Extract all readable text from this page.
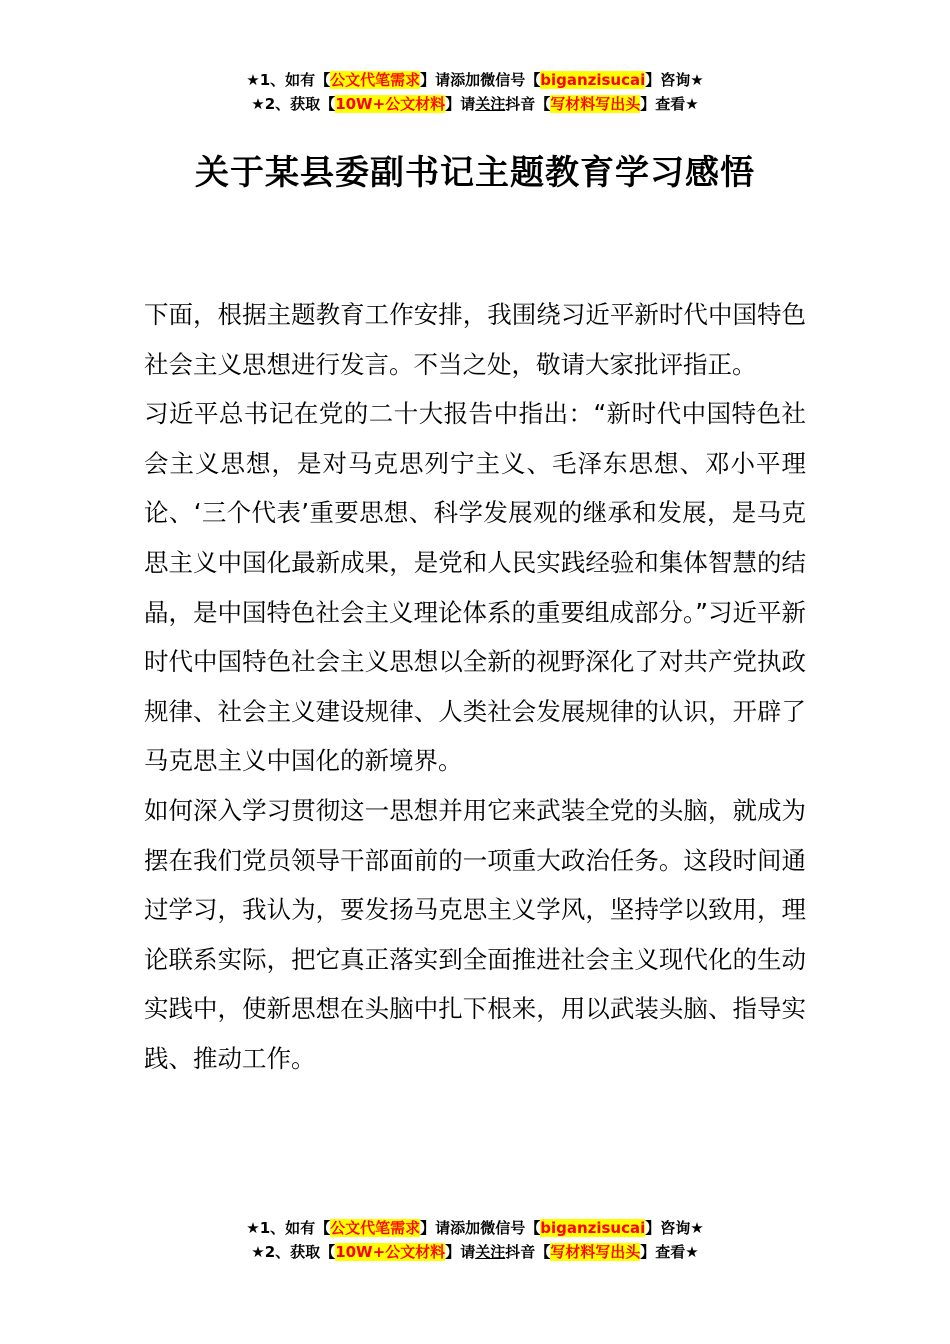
★1、如有【公文代笔需求】请添加微信号【biganzisucai】咨询★
★2、获取【10W+公文材料】请关注抖音【写材料写出头】查看★
关于某县委副书记主题教育学习感悟

下面，根据主题教育工作安排，我围绕习近平新时代中国特色社会主义思想进行发言。不当之处，敬请大家批评指正。

习近平总书记在党的二十大报告中指出：“新时代中国特色社会主义思想，是对马克思列宁主义、毛泽东思想、邓小平理论、‘三个代表’重要思想、科学发展观的继承和发展，是马克思主义中国化最新成果，是党和人民实践经验和集体智慧的结晶，是中国特色社会主义理论体系的重要组成部分。”习近平新时代中国特色社会主义思想以全新的视野深化了对共产党执政规律、社会主义建设规律、人类社会发展规律的认识，开辟了马克思主义中国化的新境界。

如何深入学习贯彻这一思想并用它来武装全党的头脑，就成为摆在我们党员领导干部面前的一项重大政治任务。这段时间通过学习，我认为，要发扬马克思主义学风，坚持学以致用，理论联系实际，把它真正落实到全面推进社会主义现代化的生动实践中，使新思想在头脑中扎下根来，用以武装头脑、指导实践、推动工作。

★1、如有【公文代笔需求】请添加微信号【biganzisucai】咨询★
★2、获取【10W+公文材料】请关注抖音【写材料写出头】查看★
